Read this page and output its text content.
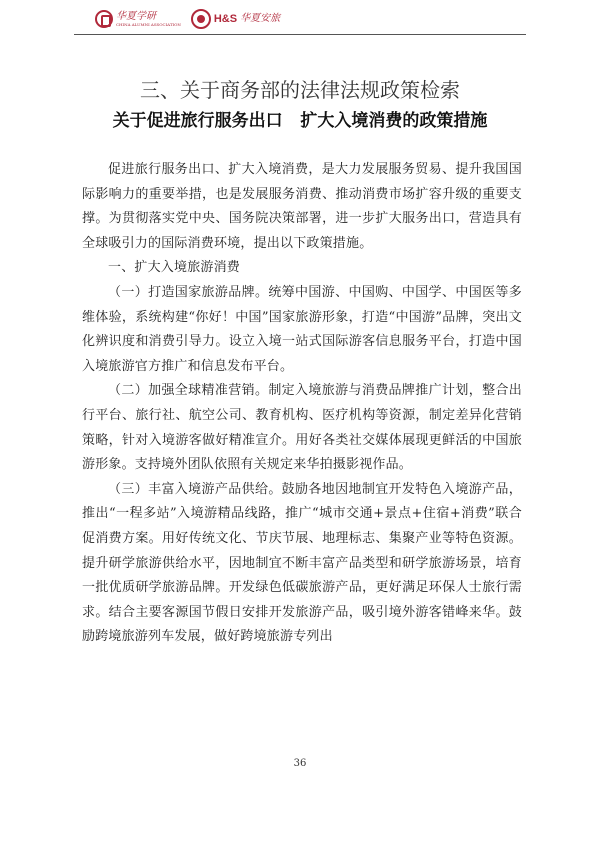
华夏学研
CHINA ALUMNI ASSOCIATION	H&S 华夏安旅
三、关于商务部的法律法规政策检索
关于促进旅行服务出口   扩大入境消费的政策措施

促进旅行服务出口、扩大入境消费，是大力发展服务贸易、提升我国国际影响力的重要举措，也是发展服务消费、推动消费市场扩容升级的重要支撑。为贯彻落实党中央、国务院决策部署，进一步扩大服务出口，营造具有全球吸引力的国际消费环境，提出以下政策措施。

一、扩大入境旅游消费

（一）打造国家旅游品牌。统筹中国游、中国购、中国学、中国医等多维体验，系统构建“你好！中国”国家旅游形象，打造“中国游”品牌，突出文化辨识度和消费引导力。设立入境一站式国际游客信息服务平台，打造中国入境旅游官方推广和信息发布平台。

（二）加强全球精准营销。制定入境旅游与消费品牌推广计划，整合出行平台、旅行社、航空公司、教育机构、医疗机构等资源，制定差异化营销策略，针对入境游客做好精准宣介。用好各类社交媒体展现更鲜活的中国旅游形象。支持境外团队依照有关规定来华拍摄影视作品。

（三）丰富入境游产品供给。鼓励各地因地制宜开发特色入境游产品，推出“一程多站”入境游精品线路，推广“城市交通+景点+住宿+消费”联合促消费方案。用好传统文化、节庆节展、地理标志、集聚产业等特色资源。提升研学旅游供给水平，因地制宜不断丰富产品类型和研学旅游场景，培育一批优质研学旅游品牌。开发绿色低碳旅游产品，更好满足环保人士旅行需求。结合主要客源国节假日安排开发旅游产品，吸引境外游客错峰来华。鼓励跨境旅游列车发展，做好跨境旅游专列出

36
